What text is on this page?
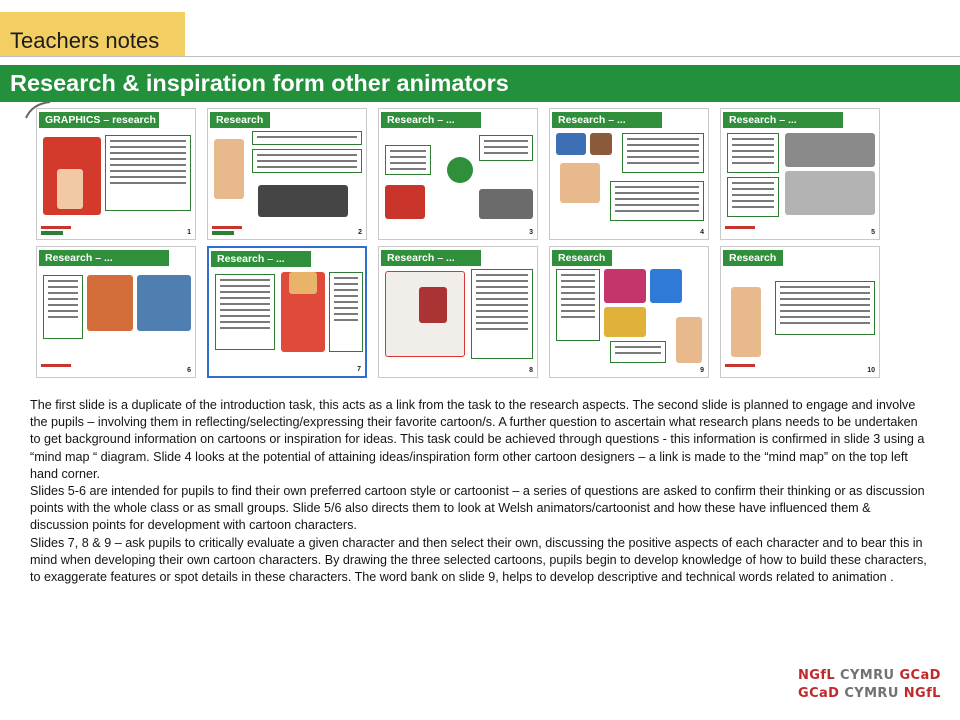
Teachers notes
Research & inspiration form other animators
GRAPHICS – research
1
Research
2
Research – ...
3
Research – ...
4
Research – ...
5
Research – ...
6
Research – ...
7
Research – ...
8
Research
9
Research
10

The first slide is a duplicate of the introduction task, this acts as a link from the task to the research aspects. The second slide is planned to engage and involve the pupils – involving them in reflecting/selecting/expressing their favorite cartoon/s. A further question to ascertain what research plans needs to be undertaken to get background information on cartoons or inspiration for ideas. This task could be achieved through questions - this information is confirmed in slide 3 using a “mind map “ diagram. Slide 4 looks at the potential of attaining ideas/inspiration form other cartoon designers – a link is made to the “mind map” on the top left hand corner.

Slides 5-6 are intended for pupils to find their own preferred cartoon style or cartoonist – a series of questions are asked to confirm their thinking or as discussion points with the whole class or as small groups. Slide 5/6 also directs them to look at Welsh animators/cartoonist and how these have influenced them & discussion points for development with cartoon characters.

Slides 7, 8 & 9 – ask pupils to critically evaluate a given character and then select their own, discussing the positive aspects of each character and to bear this in mind when developing their own cartoon characters. By drawing the three selected cartoons, pupils begin to develop knowledge of how to build these characters, to exaggerate features or spot details in these characters. The word bank on slide 9, helps to develop descriptive and technical words related to animation .

NGfL CYMRU GCaD
GCaD CYMRU NGfL
